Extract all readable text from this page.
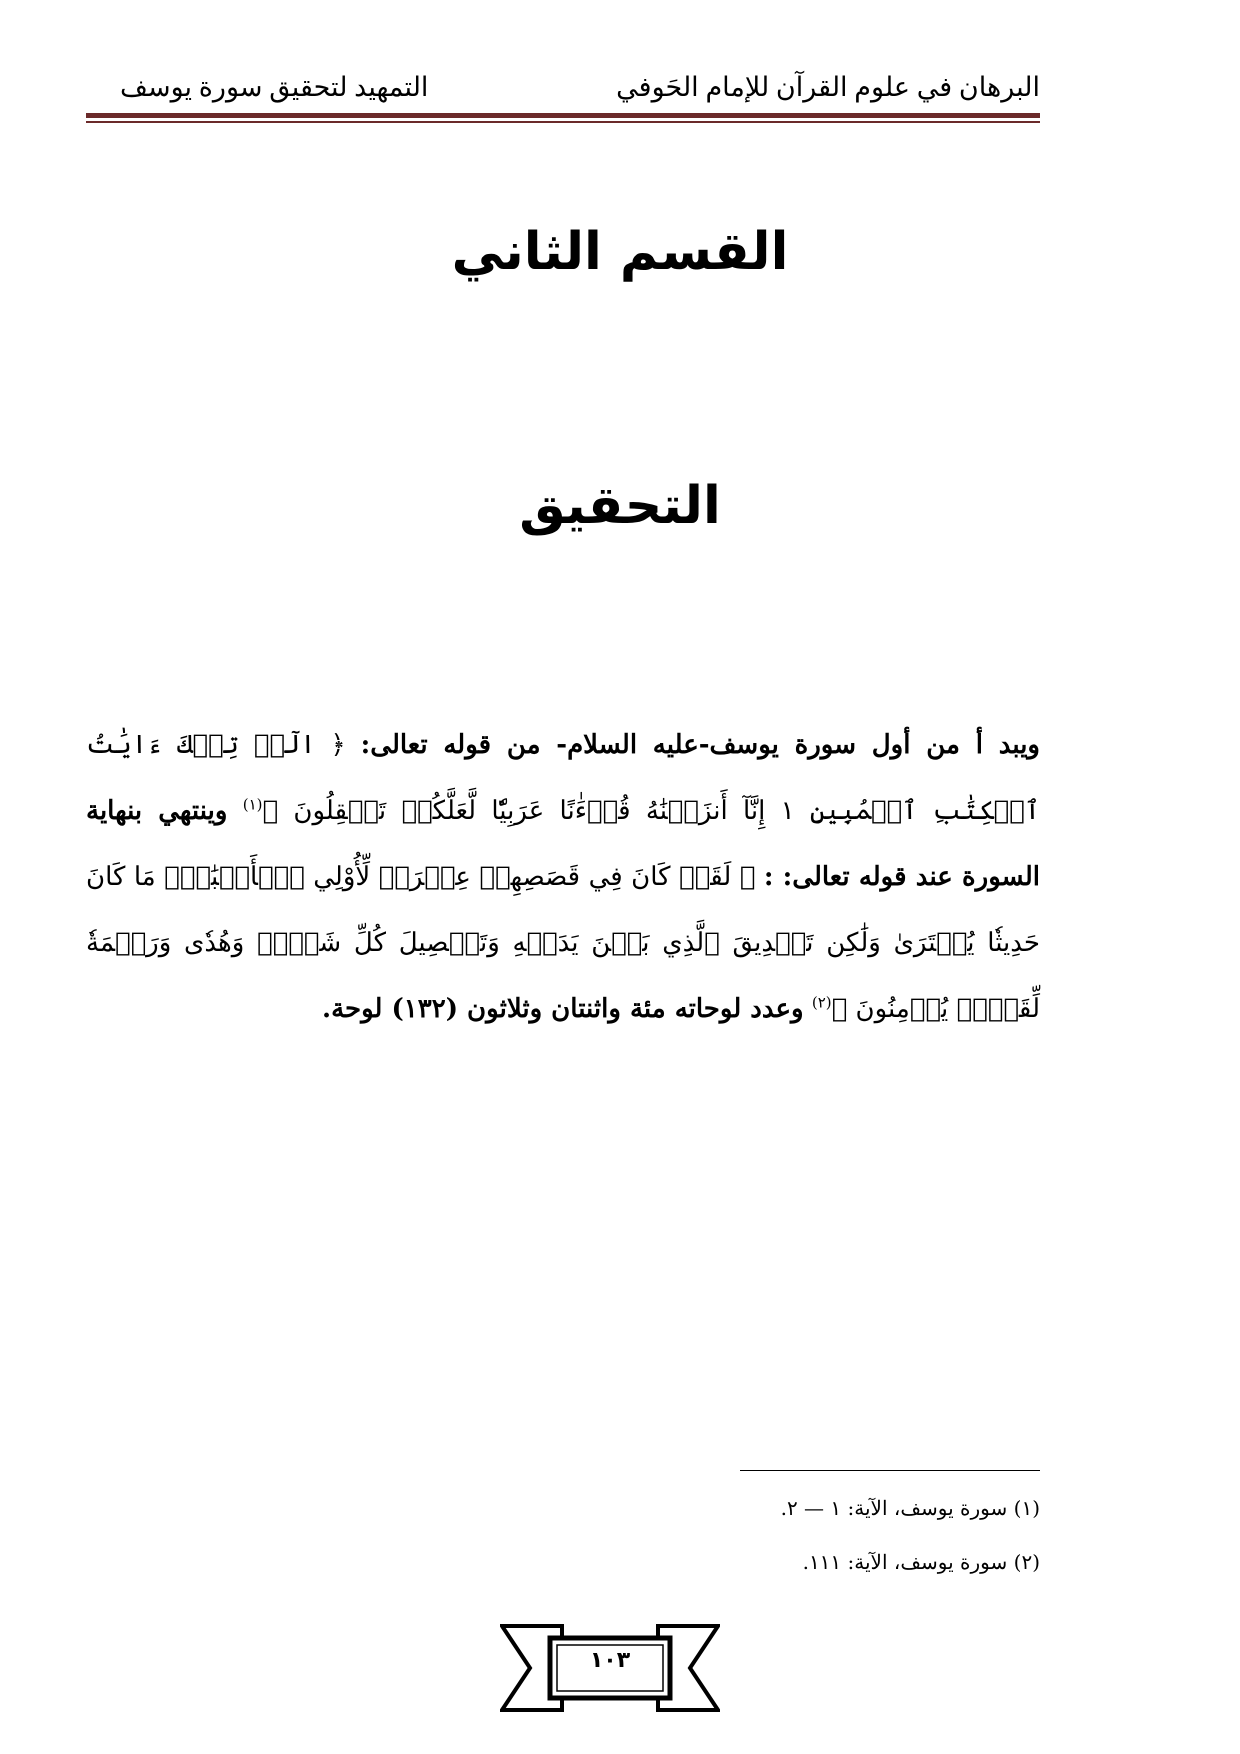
البرهان في علوم القرآن للإمام الحَوفي
التمهيد لتحقيق سورة يوسف
القسم الثاني
التحقيق
ويبد أ من أول سورة يوسف-عليه السلام- من قوله تعالى: ﴿ الٓرۚ تِلۡكَ ءَايَٰتُ ٱلۡكِتَٰبِ ٱلۡمُبِينِ ١ إِنَّآ أَنزَلۡنَٰهُ قُرۡءَٰنًا عَرَبِيّٗا لَّعَلَّكُمۡ تَعۡقِلُونَ ﴾$^{(١)}$ وينتهي بنهاية السورة عند قوله تعالى: : ﴿ لَقَدۡ كَانَ فِي قَصَصِهِمۡ عِبۡرَةٞ لِّأُوْلِي ٱلۡأَلۡبَٰبِۗ مَا كَانَ حَدِيثٗا يُفۡتَرَىٰ وَلَٰكِن تَصۡدِيقَ ٱلَّذِي بَيۡنَ يَدَيۡهِ وَتَفۡصِيلَ كُلِّ شَيۡءٖ وَهُدٗى وَرَحۡمَةٗ لِّقَوۡمٖ يُؤۡمِنُونَ ﴾$^{(٢)}$ وعدد لوحاته مئة واثنتان وثلاثون (١٣٢) لوحة.
(١) سورة يوسف، الآية: ١ — ٢.
(٢) سورة يوسف، الآية: ١١١.
١٠٣
